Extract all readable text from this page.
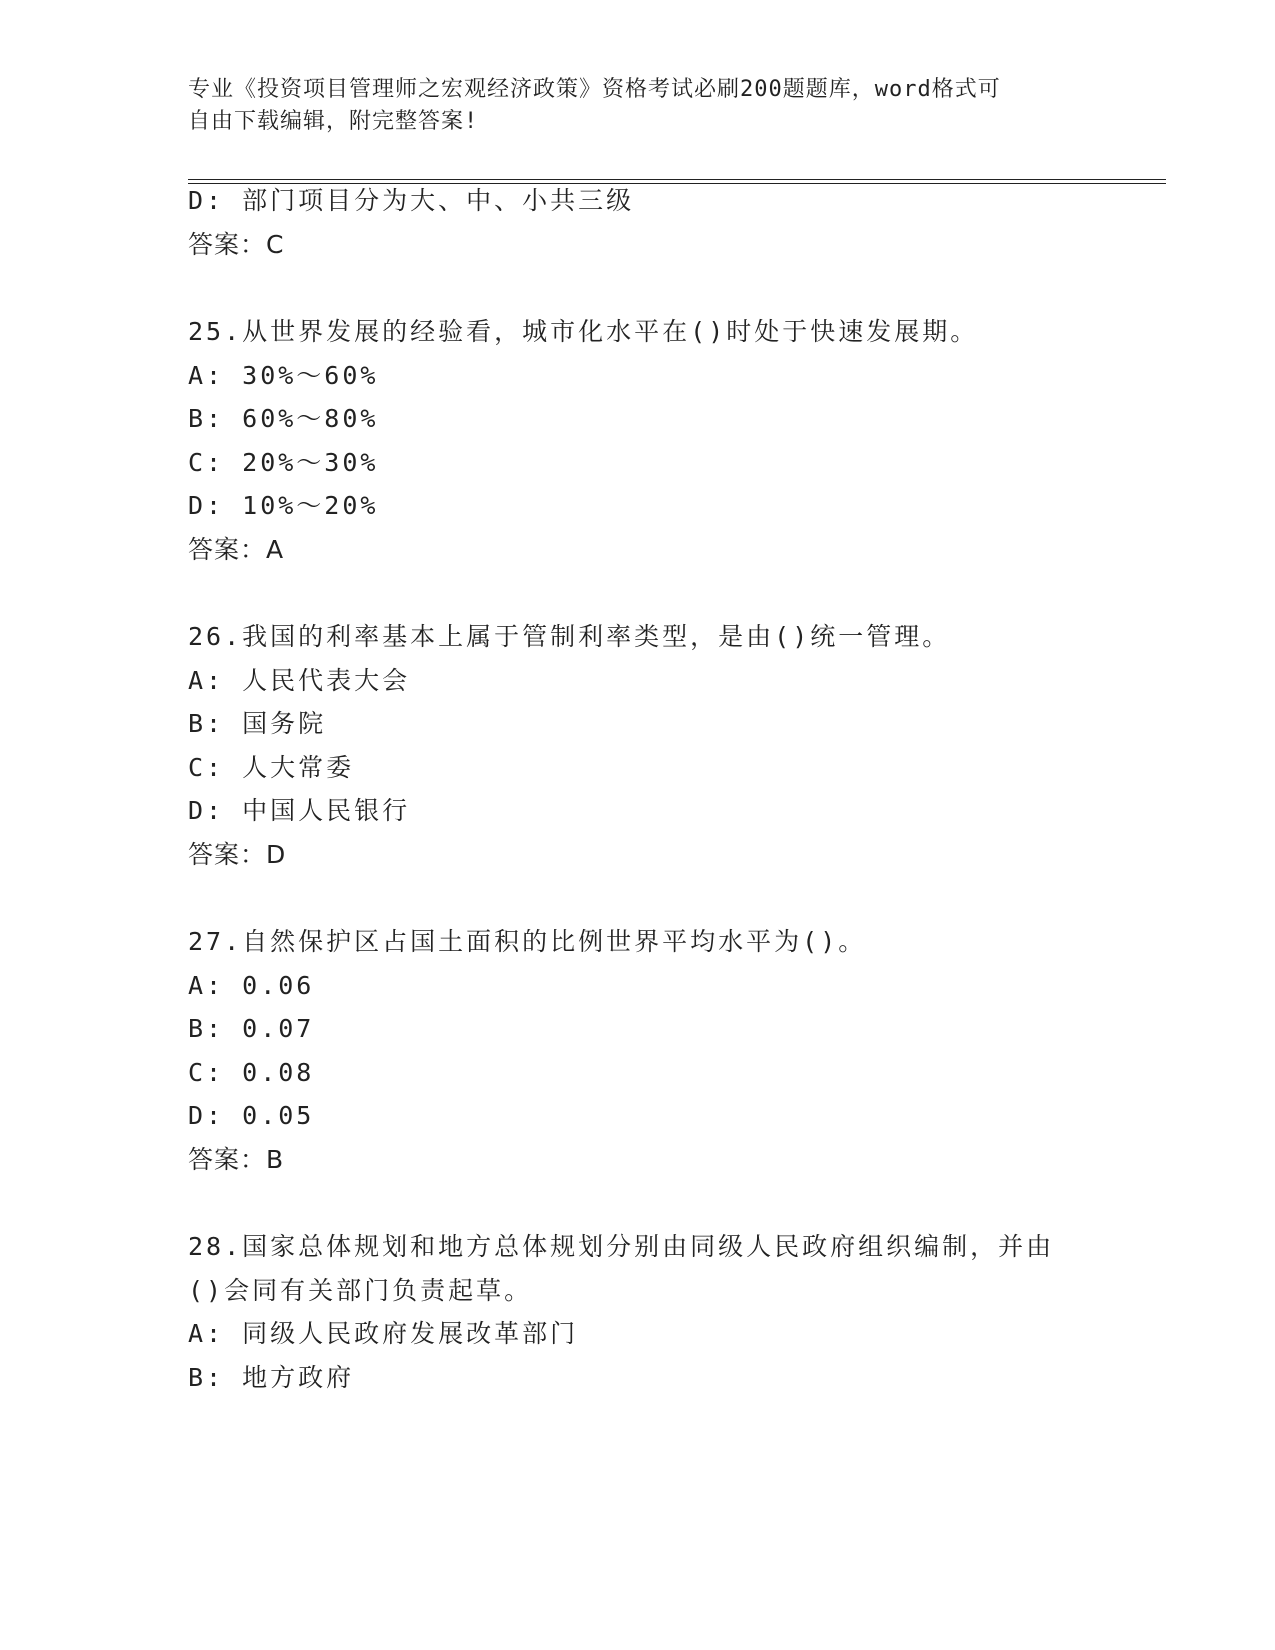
专业《投资项目管理师之宏观经济政策》资格考试必刷200题题库，word格式可
自由下载编辑，附完整答案!
D: 部门项目分为大、中、小共三级
答案：C
25.从世界发展的经验看，城市化水平在()时处于快速发展期。
A: 30%～60%
B: 60%～80%
C: 20%～30%
D: 10%～20%
答案：A
26.我国的利率基本上属于管制利率类型，是由()统一管理。
A: 人民代表大会
B: 国务院
C: 人大常委
D: 中国人民银行
答案：D
27.自然保护区占国土面积的比例世界平均水平为()。
A: 0.06
B: 0.07
C: 0.08
D: 0.05
答案：B
28.国家总体规划和地方总体规划分别由同级人民政府组织编制，并由
()会同有关部门负责起草。
A: 同级人民政府发展改革部门
B: 地方政府
